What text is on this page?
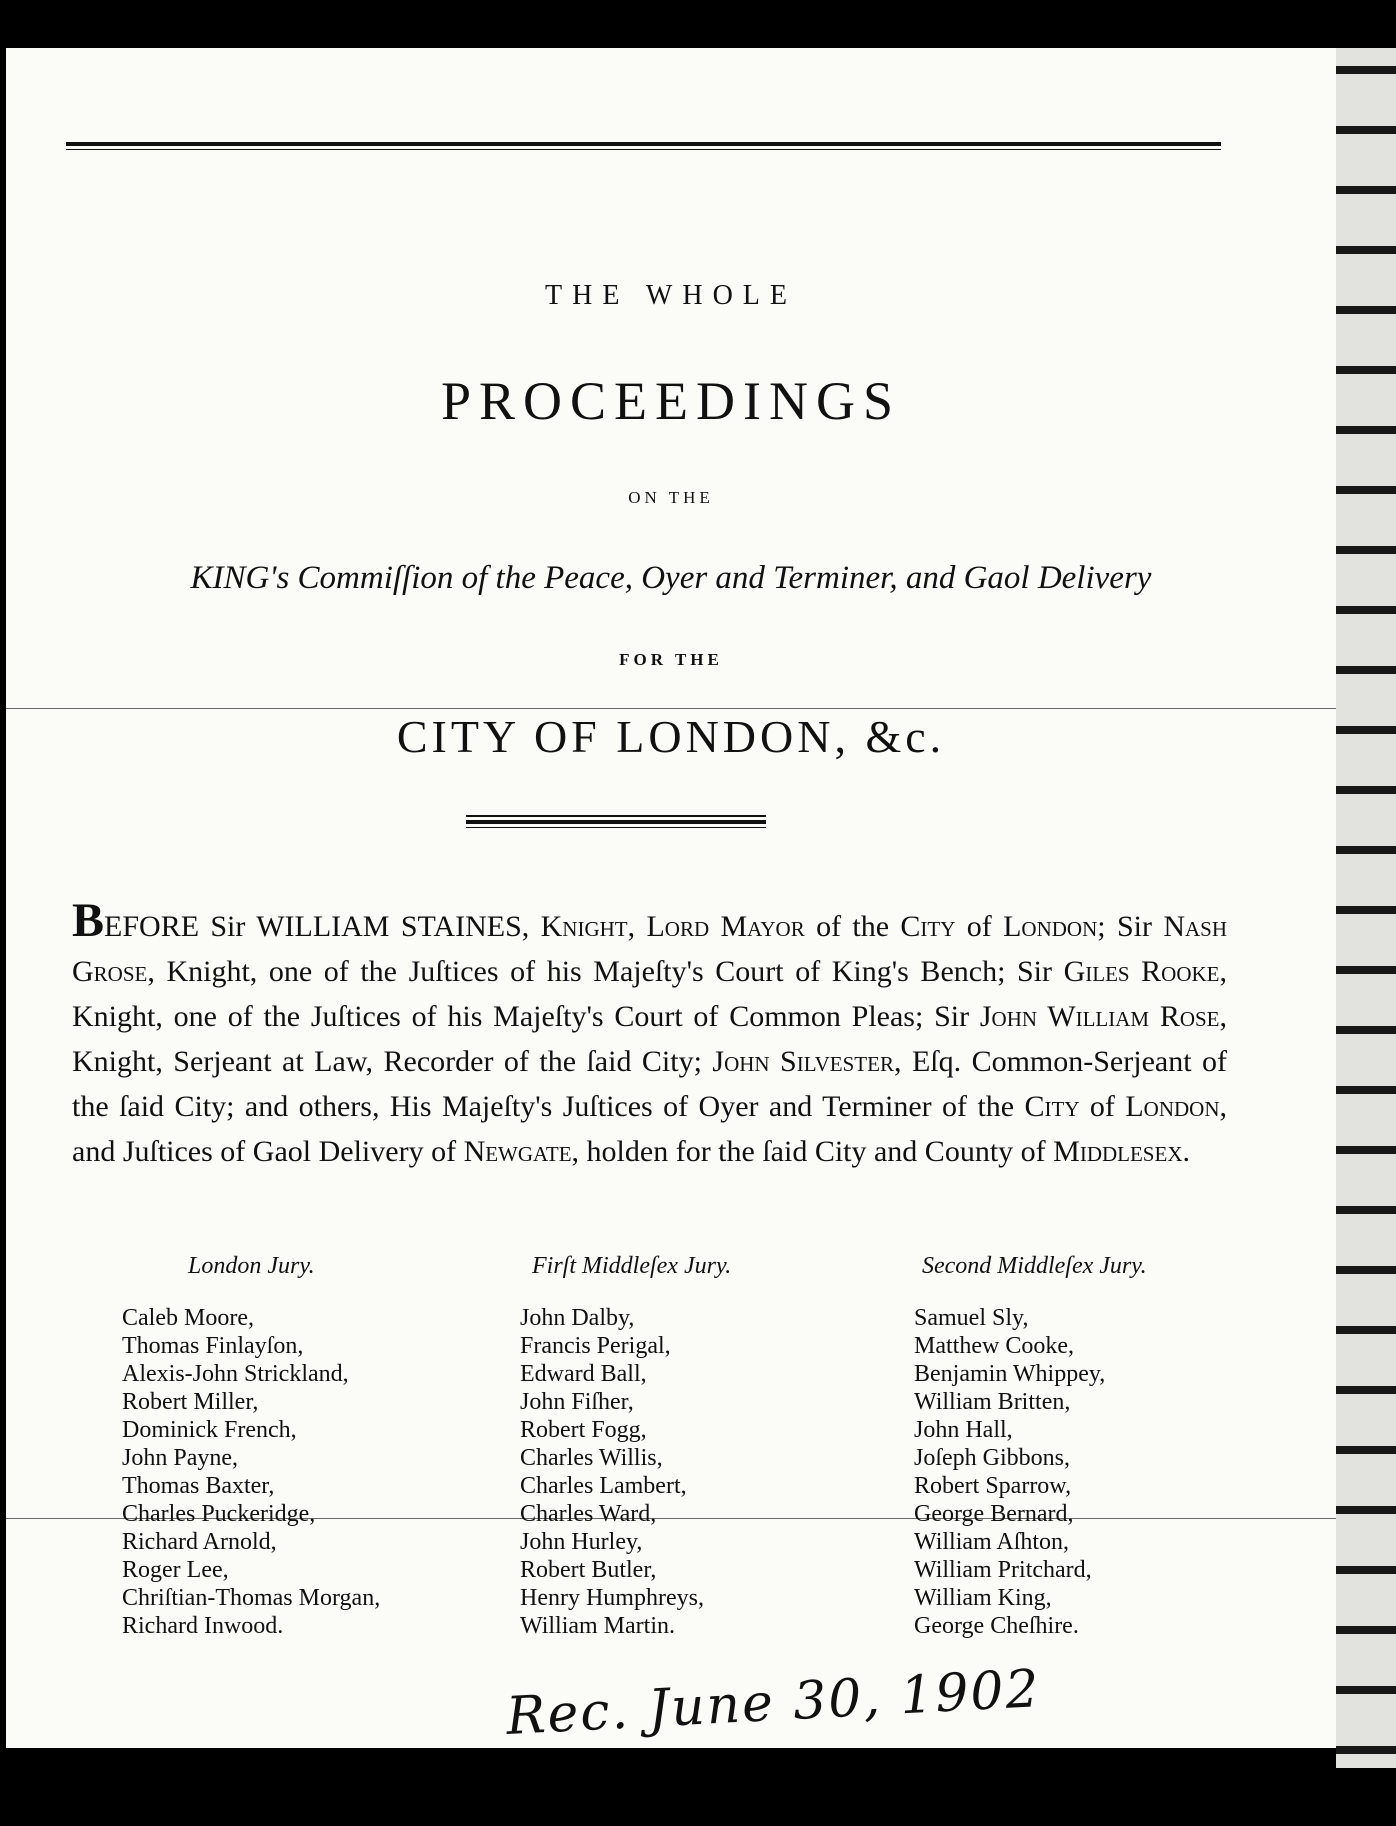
THE WHOLE
PROCEEDINGS
ON THE
KING's Commiſſion of the Peace, Oyer and Terminer, and Gaol Delivery
FOR THE
CITY OF LONDON, &c.
BEFORE Sir WILLIAM STAINES, Knight, Lord Mayor of the City of London; Sir Nash Grose, Knight, one of the Juſtices of his Majeſty's Court of King's Bench; Sir Giles Rooke, Knight, one of the Juſtices of his Majeſty's Court of Common Pleas; Sir John William Rose, Knight, Serjeant at Law, Recorder of the ſaid City; John Silvester, Eſq. Common-Serjeant of the ſaid City; and others, His Majeſty's Juſtices of Oyer and Terminer of the City of London, and Juſtices of Gaol Delivery of Newgate, holden for the ſaid City and County of Middlesex.
London Jury.
Caleb Moore,
Thomas Finlayſon,
Alexis-John Strickland,
Robert Miller,
Dominick French,
John Payne,
Thomas Baxter,
Charles Puckeridge,
Richard Arnold,
Roger Lee,
Chriſtian-Thomas Morgan,
Richard Inwood.
Firſt Middleſex Jury.
John Dalby,
Francis Perigal,
Edward Ball,
John Fiſher,
Robert Fogg,
Charles Willis,
Charles Lambert,
Charles Ward,
John Hurley,
Robert Butler,
Henry Humphreys,
William Martin.
Second Middleſex Jury.
Samuel Sly,
Matthew Cooke,
Benjamin Whippey,
William Britten,
John Hall,
Joſeph Gibbons,
Robert Sparrow,
George Bernard,
William Aſhton,
William Pritchard,
William King,
George Cheſhire.
Rec. June 30, 1902
